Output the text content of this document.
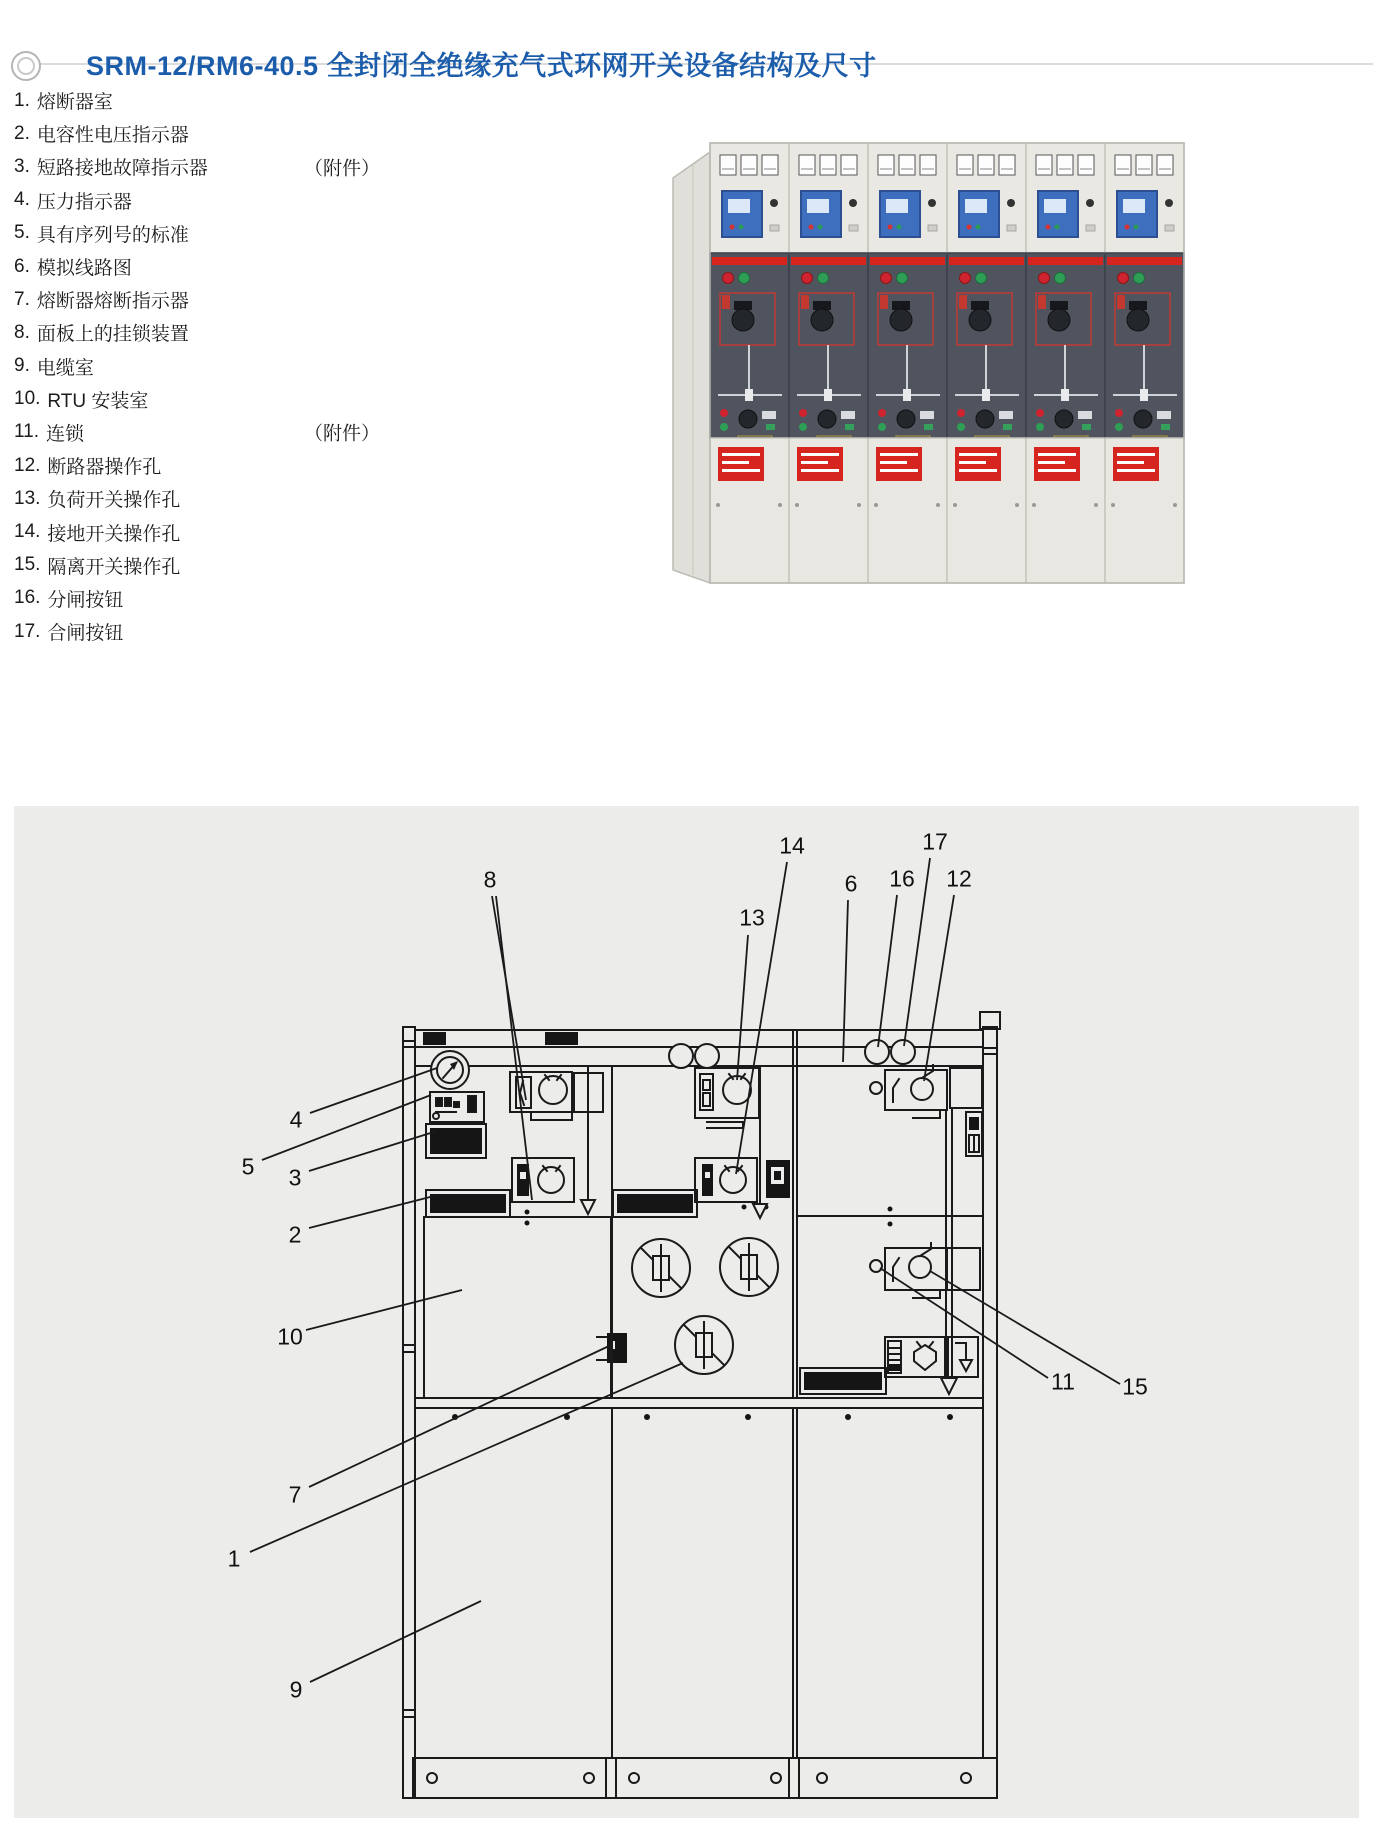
SRM-12/RM6-40.5 全封闭全绝缘充气式环网开关设备结构及尺寸
1. 熔断器室
2. 电容性电压指示器
3. 短路接地故障指示器	（附件）
4. 压力指示器
5. 具有序列号的标准
6. 模拟线路图
7. 熔断器熔断指示器
8. 面板上的挂锁装置
9. 电缆室
10. RTU 安装室
11. 连锁	（附件）
12. 断路器操作孔
13. 负荷开关操作孔
14. 接地开关操作孔
15. 隔离开关操作孔
16. 分闸按钮
17. 合闸按钮
1
2
3
4
5
6
7
8
9
10
11
12
13
14
15
16
17
